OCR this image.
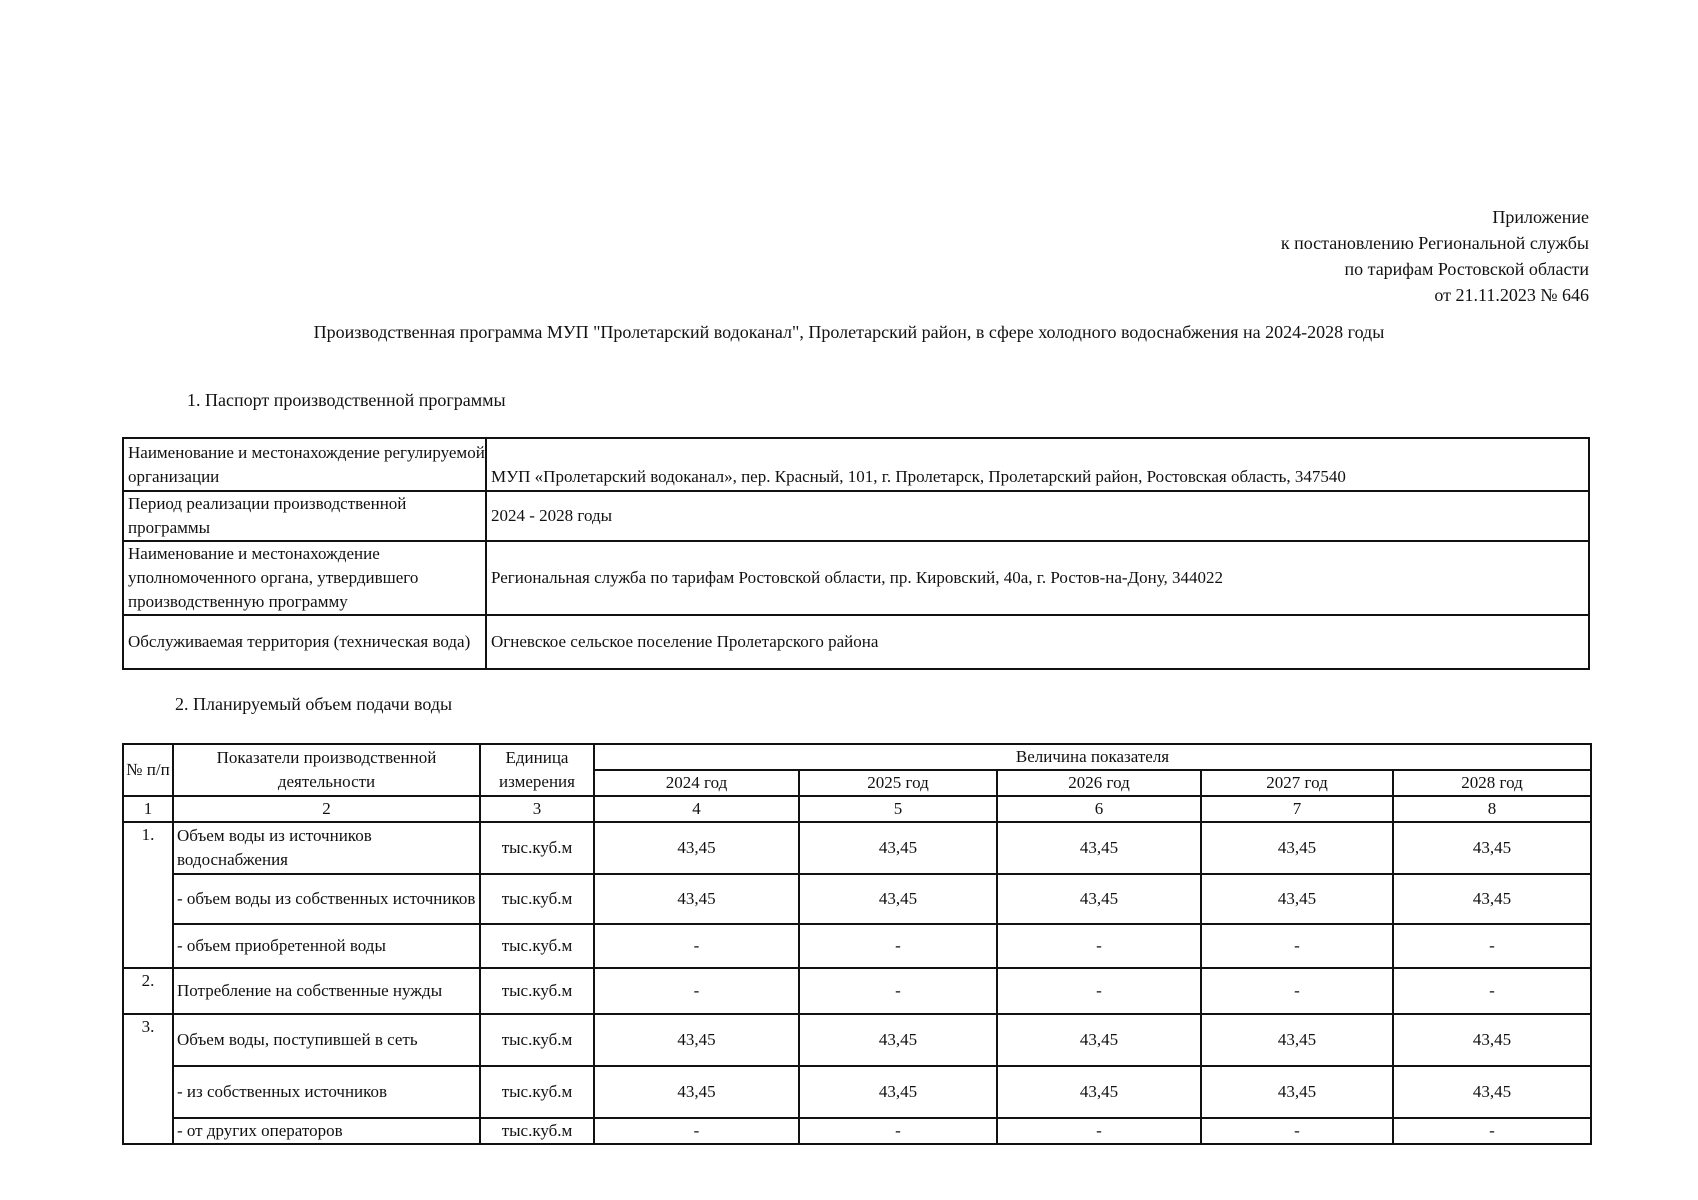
Приложение
к постановлению Региональной службы
по тарифам Ростовской области
от 21.11.2023 № 646
Производственная программа МУП "Пролетарский водоканал", Пролетарский район, в сфере холодного водоснабжения на 2024-2028 годы
1. Паспорт производственной программы
Наименование и местонахождение регулируемой организации	МУП «Пролетарский водоканал», пер. Красный, 101, г. Пролетарск, Пролетарский район, Ростовская область, 347540
Период реализации производственной программы	2024 - 2028 годы
Наименование и местонахождение уполномоченного органа, утвердившего производственную программу	Региональная служба по тарифам Ростовской области, пр. Кировский, 40а, г. Ростов-на-Дону, 344022
Обслуживаемая территория (техническая вода)	Огневское сельское поселение Пролетарского района
2. Планируемый объем подачи воды
№ п/п	Показатели производственной деятельности	Единица измерения	Величина показателя				
			2024 год	2025 год	2026 год	2027 год	2028 год
1	2	3	4	5	6	7	8
1.	Объем воды из источников водоснабжения	тыс.куб.м	43,45	43,45	43,45	43,45	43,45
	- объем воды из собственных источников	тыс.куб.м	43,45	43,45	43,45	43,45	43,45
	- объем приобретенной воды	тыс.куб.м	-	-	-	-	-
2.	Потребление на собственные нужды	тыс.куб.м	-	-	-	-	-
3.	Объем воды, поступившей в сеть	тыс.куб.м	43,45	43,45	43,45	43,45	43,45
	- из собственных источников	тыс.куб.м	43,45	43,45	43,45	43,45	43,45
	- от других операторов	тыс.куб.м	-	-	-	-	-
